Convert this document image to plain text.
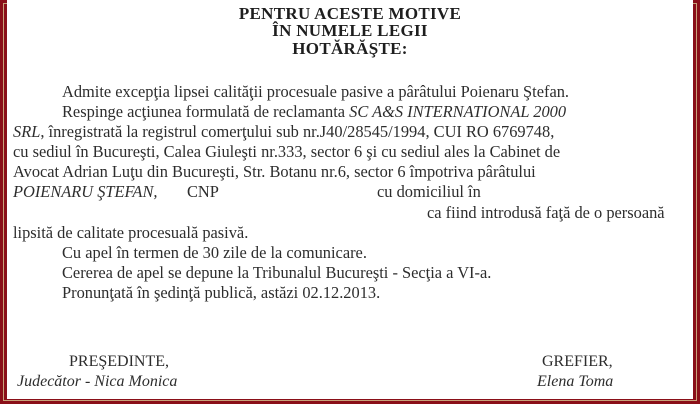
PENTRU ACESTE MOTIVE
ÎN NUMELE LEGII
HOTĂRĂŞTE:
Admite excepţia lipsei calităţii procesuale pasive a pârâtului Poienaru Ştefan.
Respinge acţiunea formulată de reclamanta SC A&S INTERNATIONAL 2000
SRL, înregistrată la registrul comerţului sub nr.J40/28545/1994, CUI RO 6769748,
cu sediul în Bucureşti, Calea Giuleşti nr.333, sector 6 şi cu sediul ales la Cabinet de
Avocat Adrian Luţu din Bucureşti, Str. Botanu nr.6, sector 6 împotriva pârâtului
POIENARU ŞTEFAN, CNP	cu domiciliul în
ca fiind introdusă faţă de o persoană
lipsită de calitate procesuală pasivă.
Cu apel în termen de 30 zile de la comunicare.
Cererea de apel se depune la Tribunalul Bucureşti - Secţia a VI-a.
Pronunţată în şedinţă publică, astăzi 02.12.2013.
PREŞEDINTE,
Judecător - Nica Monica
GREFIER,
Elena Toma
